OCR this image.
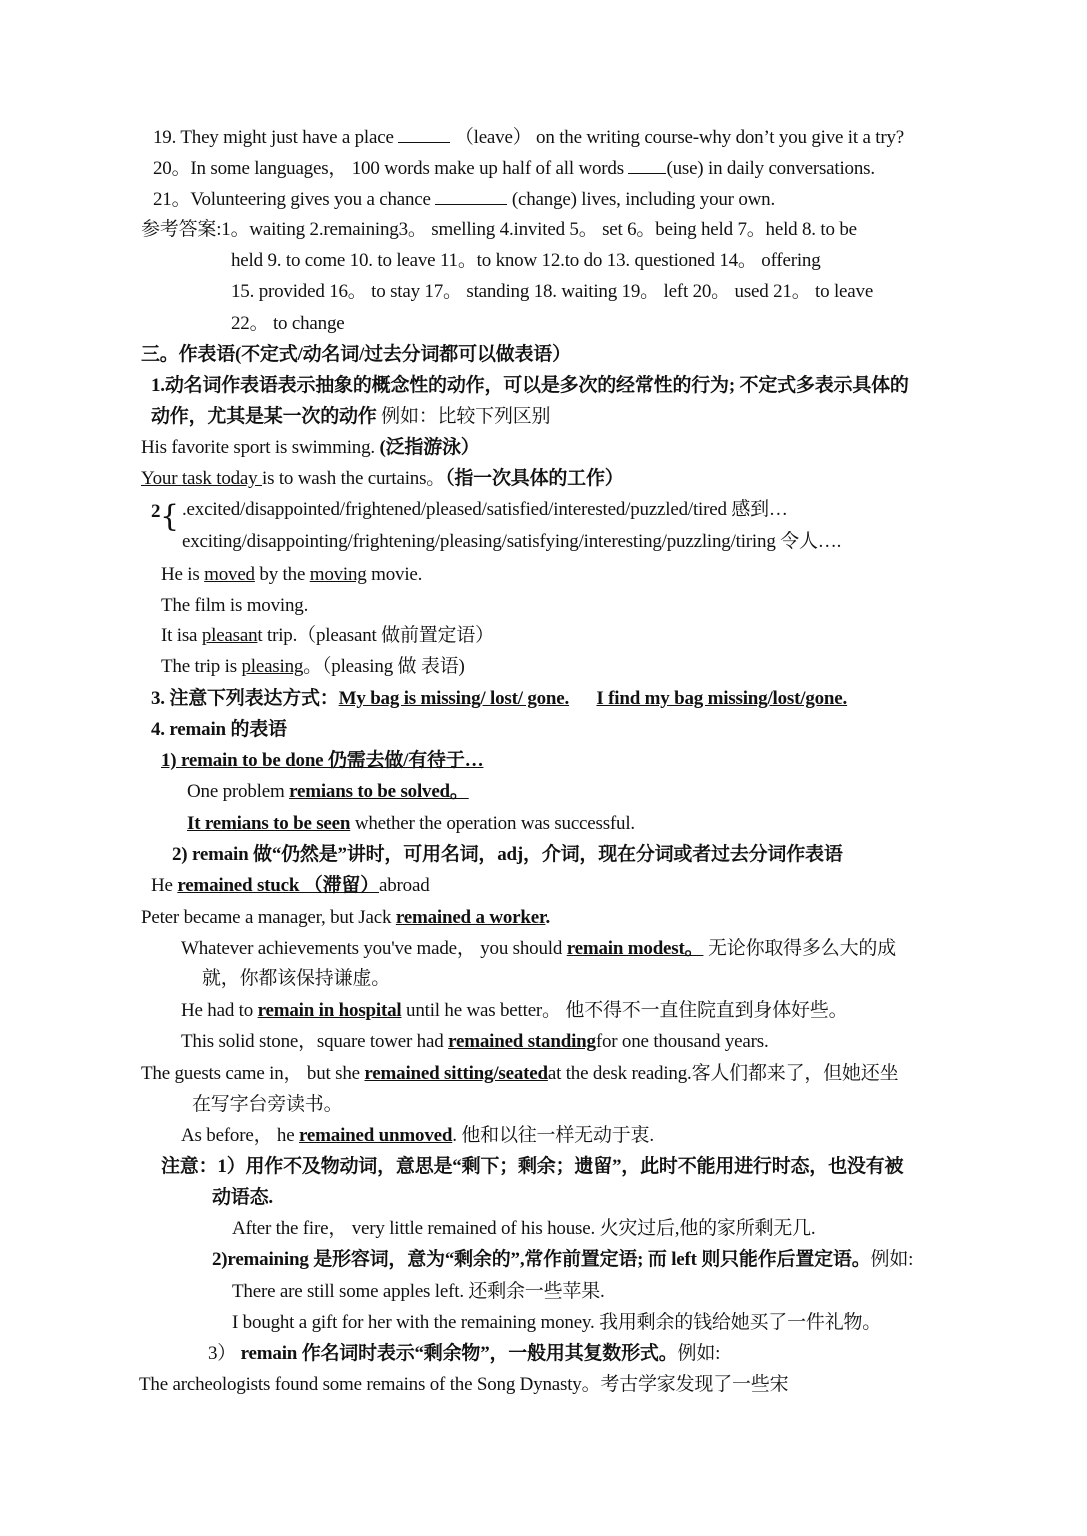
19. They might just have a place	（leave） on the writing course-why don’t you give it a try?
20。In some languages， 100 words make up half of all words (use) in daily conversations.
21。Volunteering gives you a chance	(change) lives, including your own.
参考答案:1。waiting 2.remaining3。 smelling 4.invited 5。 set 6。being held 7。held 8. to be
held 9. to come 10. to leave 11。to know 12.to do 13. questioned 14。 offering
15. provided 16。 to stay 17。 standing 18. waiting 19。 left 20。 used 21。 to leave
22。 to change
三。作表语(不定式/动名词/过去分词都可以做表语）
1.动名词作表语表示抽象的概念性的动作，可以是多次的经常性的行为; 不定式多表示具体的
动作，尤其是某一次的动作 例如：比较下列区别
His favorite sport is swimming. (泛指游泳）
Your task today is to wash the curtains。（指一次具体的工作）
2 { .excited/disappointed/frightened/pleased/satisfied/interested/puzzled/tired 感到…
exciting/disappointing/frightening/pleasing/satisfying/interesting/puzzling/tiring 令人….
He is moved by the moving movie.
The film is moving.
It isa pleasant trip.（pleasant 做前置定语）
The trip is pleasing。（pleasing 做 表语)
3. 注意下列表达方式：My bag is missing/ lost/ gone. I find my bag missing/lost/gone.
4. remain 的表语
1) remain to be done 仍需去做/有待于…
One problem remians to be solved。
It remians to be seen whether the operation was successful.
2) remain 做“仍然是”讲时，可用名词，adj，介词，现在分词或者过去分词作表语
He remained stuck （滞留）abroad
Peter became a manager, but Jack remained a worker.
Whatever achievements you've made， you should remain modest。 无论你取得多么大的成
就，你都该保持谦虚。
He had to remain in hospital until he was better。 他不得不一直住院直到身体好些。
This solid stone，square tower had remained standingfor one thousand years.
The guests came in， but she remained sitting/seatedat the desk reading.客人们都来了，但她还坐
在写字台旁读书。
As before， he remained unmoved. 他和以往一样无动于衷.
注意：1）用作不及物动词，意思是“剩下；剩余；遗留”，此时不能用进行时态，也没有被
动语态.
After the fire， very little remained of his house. 火灾过后,他的家所剩无几.
2)remaining 是形容词，意为“剩余的”,常作前置定语; 而 left 则只能作后置定语。例如:
There are still some apples left. 还剩余一些苹果.
I bought a gift for her with the remaining money. 我用剩余的钱给她买了一件礼物。
3） remain 作名词时表示“剩余物”，一般用其复数形式。例如:
The archeologists found some remains of the Song Dynasty。考古学家发现了一些宋
